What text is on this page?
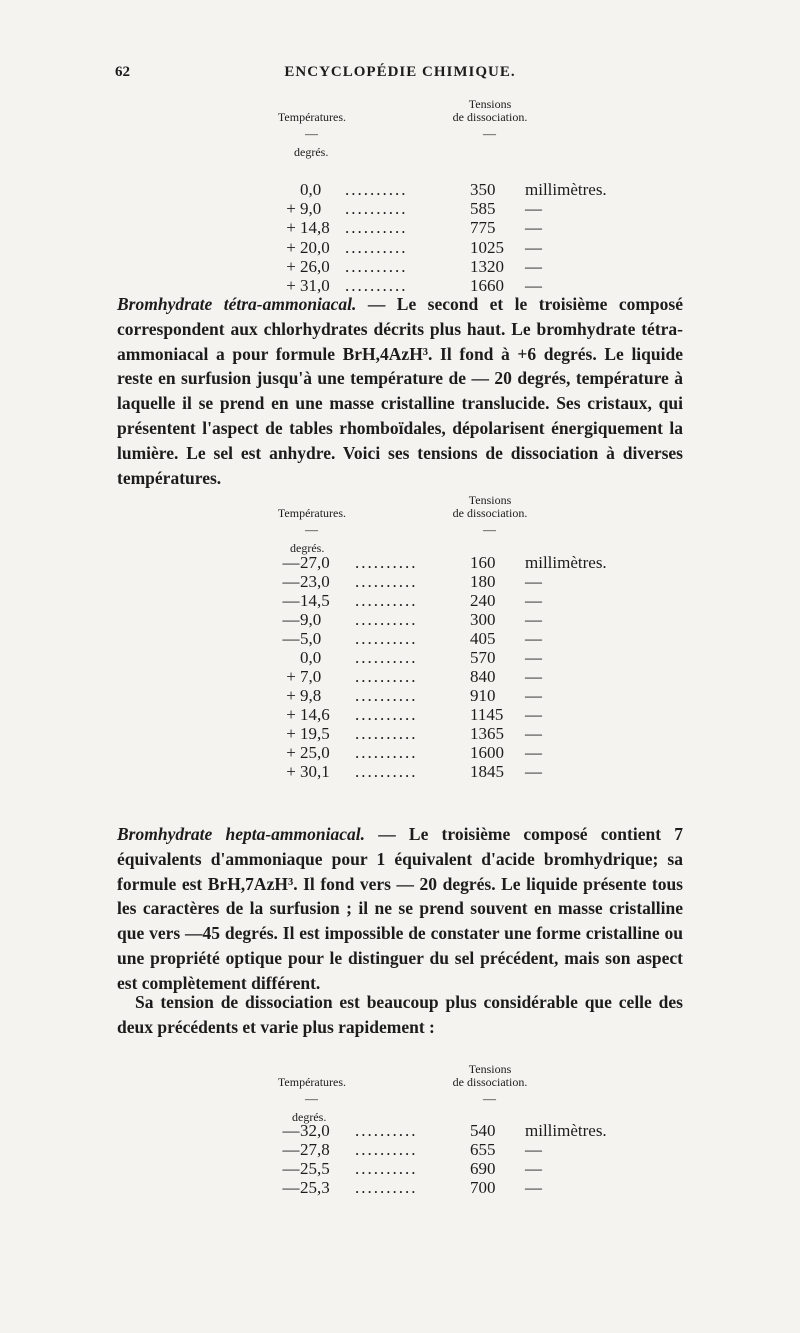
62	ENCYCLOPÉDIE CHIMIQUE.
Tensions
Températures.	de dissociation.
—	—
degrés.
0,0 ..........	350 millimètres.
+ 9,0 ..........	585 —
+ 14,8 ..........	775 —
+ 20,0 ..........	1025 —
+ 26,0 ..........	1320 —
+ 31,0 ..........	1660 —

Bromhydrate tétra-ammoniacal. — Le second et le troisième composé correspondent aux chlorhydrates décrits plus haut. Le bromhydrate tétra-ammoniacal a pour formule BrH,4AzH³. Il fond à +6 degrés. Le liquide reste en surfusion jusqu'à une température de — 20 degrés, température à laquelle il se prend en une masse cristalline translucide. Ses cristaux, qui présentent l'aspect de tables rhomboïdales, dépolarisent énergiquement la lumière. Le sel est anhydre. Voici ses tensions de dissociation à diverses températures.

Tensions
Températures.	de dissociation.
—	—
degrés.
— 27,0 ..........	160 millimètres.
— 23,0 ..........	180 —
— 14,5 ..........	240 —
— 9,0 ..........	300 —
— 5,0 ..........	405 —
0,0 ..........	570 —
+ 7,0 ..........	840 —
+ 9,8 ..........	910 —
+ 14,6 ..........	1145 —
+ 19,5 ..........	1365 —
+ 25,0 ..........	1600 —
+ 30,1 ..........	1845 —

Bromhydrate hepta-ammoniacal. — Le troisième composé contient 7 équivalents d'ammoniaque pour 1 équivalent d'acide bromhydrique; sa formule est BrH,7AzH³. Il fond vers — 20 degrés. Le liquide présente tous les caractères de la surfusion ; il ne se prend souvent en masse cristalline que vers —45 degrés. Il est impossible de constater une forme cristalline ou une propriété optique pour le distinguer du sel précédent, mais son aspect est complètement différent.

Sa tension de dissociation est beaucoup plus considérable que celle des deux précédents et varie plus rapidement :

Tensions
Températures.	de dissociation.
—	—
degrés.
— 32,0 ..........	540 millimètres.
— 27,8 ..........	655 —
— 25,5 ..........	690 —
— 25,3 ..........	700 —
